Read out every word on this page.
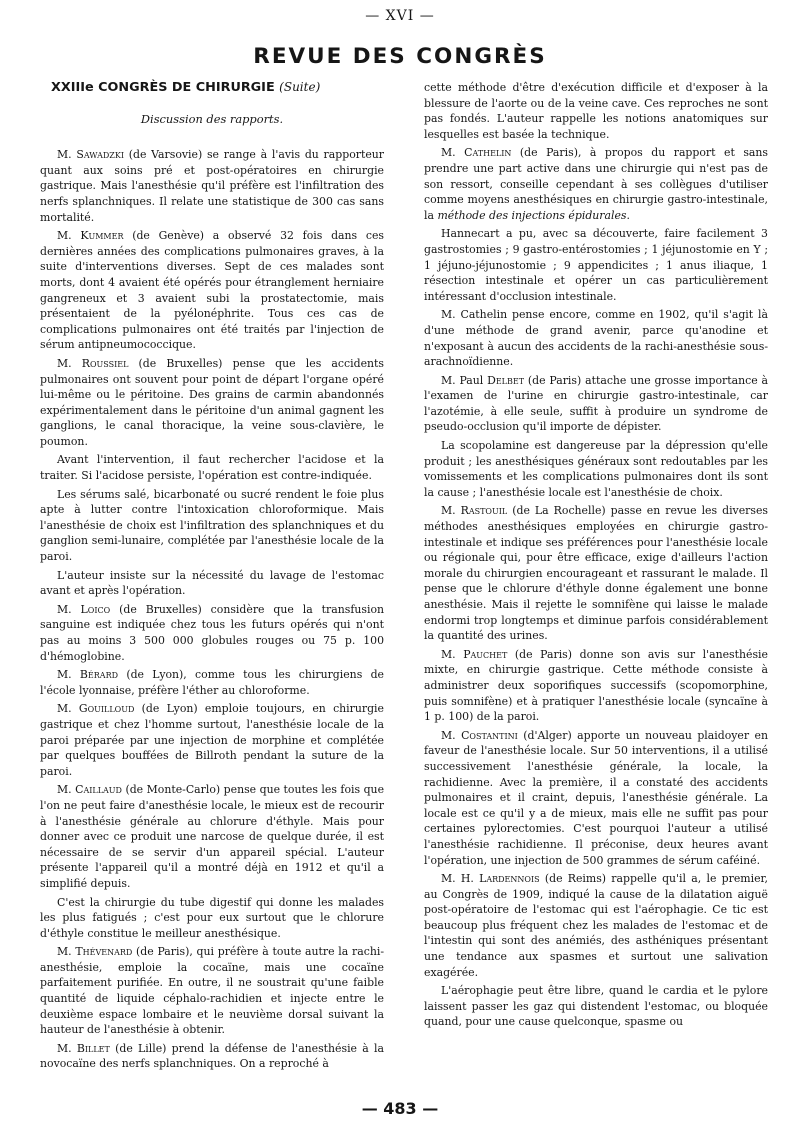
— XVI —
REVUE DES CONGRÈS
XXIIIe CONGRÈS DE CHIRURGIE (Suite)

Discussion des rapports.

M. Sawadzki (de Varsovie) se range à l'avis du rapporteur quant aux soins pré et post-opératoires en chirurgie gastrique. Mais l'anesthésie qu'il préfère est l'infiltration des nerfs splanchniques. Il relate une statistique de 300 cas sans mortalité.

M. Kummer (de Genève) a observé 32 fois dans ces dernières années des complications pulmonaires graves, à la suite d'interventions diverses. Sept de ces malades sont morts, dont 4 avaient été opérés pour étranglement herniaire gangreneux et 3 avaient subi la prostatectomie, mais présentaient de la pyélonéphrite. Tous ces cas de complications pulmonaires ont été traités par l'injection de sérum antipneumococcique.

M. Roussiel (de Bruxelles) pense que les accidents pulmonaires ont souvent pour point de départ l'organe opéré lui-même ou le péritoine. Des grains de carmin abandonnés expérimentalement dans le péritoine d'un animal gagnent les ganglions, le canal thoracique, la veine sous-clavière, le poumon.

Avant l'intervention, il faut rechercher l'acidose et la traiter. Si l'acidose persiste, l'opération est contre-indiquée.

Les sérums salé, bicarbonaté ou sucré rendent le foie plus apte à lutter contre l'intoxication chloroformique. Mais l'anesthésie de choix est l'infiltration des splanchniques et du ganglion semi-lunaire, complétée par l'anesthésie locale de la paroi.

L'auteur insiste sur la nécessité du lavage de l'estomac avant et après l'opération.

M. Loico (de Bruxelles) considère que la transfusion sanguine est indiquée chez tous les futurs opérés qui n'ont pas au moins 3 500 000 globules rouges ou 75 p. 100 d'hémoglobine.

M. Bérard (de Lyon), comme tous les chirurgiens de l'école lyonnaise, préfère l'éther au chloroforme.

M. Gouilloud (de Lyon) emploie toujours, en chirurgie gastrique et chez l'homme surtout, l'anesthésie locale de la paroi préparée par une injection de morphine et complétée par quelques bouffées de Billroth pendant la suture de la paroi.

M. Caillaud (de Monte-Carlo) pense que toutes les fois que l'on ne peut faire d'anesthésie locale, le mieux est de recourir à l'anesthésie générale au chlorure d'éthyle. Mais pour donner avec ce produit une narcose de quelque durée, il est nécessaire de se servir d'un appareil spécial. L'auteur présente l'appareil qu'il a montré déjà en 1912 et qu'il a simplifié depuis.

C'est la chirurgie du tube digestif qui donne les malades les plus fatigués ; c'est pour eux surtout que le chlorure d'éthyle constitue le meilleur anesthésique.

M. Thévenard (de Paris), qui préfère à toute autre la rachi-anesthésie, emploie la cocaïne, mais une cocaïne parfaitement purifiée. En outre, il ne soustrait qu'une faible quantité de liquide céphalo-rachidien et injecte entre le deuxième espace lombaire et le neuvième dorsal suivant la hauteur de l'anesthésie à obtenir.

M. Billet (de Lille) prend la défense de l'anesthésie à la novocaïne des nerfs splanchniques. On a reproché à

cette méthode d'être d'exécution difficile et d'exposer à la blessure de l'aorte ou de la veine cave. Ces reproches ne sont pas fondés. L'auteur rappelle les notions anatomiques sur lesquelles est basée la technique.

M. Cathelin (de Paris), à propos du rapport et sans prendre une part active dans une chirurgie qui n'est pas de son ressort, conseille cependant à ses collègues d'utiliser comme moyens anesthésiques en chirurgie gastro-intestinale, la méthode des injections épidurales.

Hannecart a pu, avec sa découverte, faire facilement 3 gastrostomies ; 9 gastro-entérostomies ; 1 jéjunostomie en Y ; 1 jéjuno-jéjunostomie ; 9 appendicites ; 1 anus iliaque, 1 résection intestinale et opérer un cas particulièrement intéressant d'occlusion intestinale.

M. Cathelin pense encore, comme en 1902, qu'il s'agit là d'une méthode de grand avenir, parce qu'anodine et n'exposant à aucun des accidents de la rachi-anesthésie sous-arachnoïdienne.

M. Paul Delbet (de Paris) attache une grosse importance à l'examen de l'urine en chirurgie gastro-intestinale, car l'azotémie, à elle seule, suffit à produire un syndrome de pseudo-occlusion qu'il importe de dépister.

La scopolamine est dangereuse par la dépression qu'elle produit ; les anesthésiques généraux sont redoutables par les vomissements et les complications pulmonaires dont ils sont la cause ; l'anesthésie locale est l'anesthésie de choix.

M. Rastouil (de La Rochelle) passe en revue les diverses méthodes anesthésiques employées en chirurgie gastro-intestinale et indique ses préférences pour l'anesthésie locale ou régionale qui, pour être efficace, exige d'ailleurs l'action morale du chirurgien encourageant et rassurant le malade. Il pense que le chlorure d'éthyle donne également une bonne anesthésie. Mais il rejette le somnifène qui laisse le malade endormi trop longtemps et diminue parfois considérablement la quantité des urines.

M. Pauchet (de Paris) donne son avis sur l'anesthésie mixte, en chirurgie gastrique. Cette méthode consiste à administrer deux soporifiques successifs (scopomorphine, puis somnifène) et à pratiquer l'anesthésie locale (syncaïne à 1 p. 100) de la paroi.

M. Costantini (d'Alger) apporte un nouveau plaidoyer en faveur de l'anesthésie locale. Sur 50 interventions, il a utilisé successivement l'anesthésie générale, la locale, la rachidienne. Avec la première, il a constaté des accidents pulmonaires et il craint, depuis, l'anesthésie générale. La locale est ce qu'il y a de mieux, mais elle ne suffit pas pour certaines pylorectomies. C'est pourquoi l'auteur a utilisé l'anesthésie rachidienne. Il préconise, deux heures avant l'opération, une injection de 500 grammes de sérum caféiné.

M. H. Lardennois (de Reims) rappelle qu'il a, le premier, au Congrès de 1909, indiqué la cause de la dilatation aiguë post-opératoire de l'estomac qui est l'aérophagie. Ce tic est beaucoup plus fréquent chez les malades de l'estomac et de l'intestin qui sont des anémiés, des asthéniques présentant une tendance aux spasmes et surtout une salivation exagérée.

L'aérophagie peut être libre, quand le cardia et le pylore laissent passer les gaz qui distendent l'estomac, ou bloquée quand, pour une cause quelconque, spasme ou

— 483 —
